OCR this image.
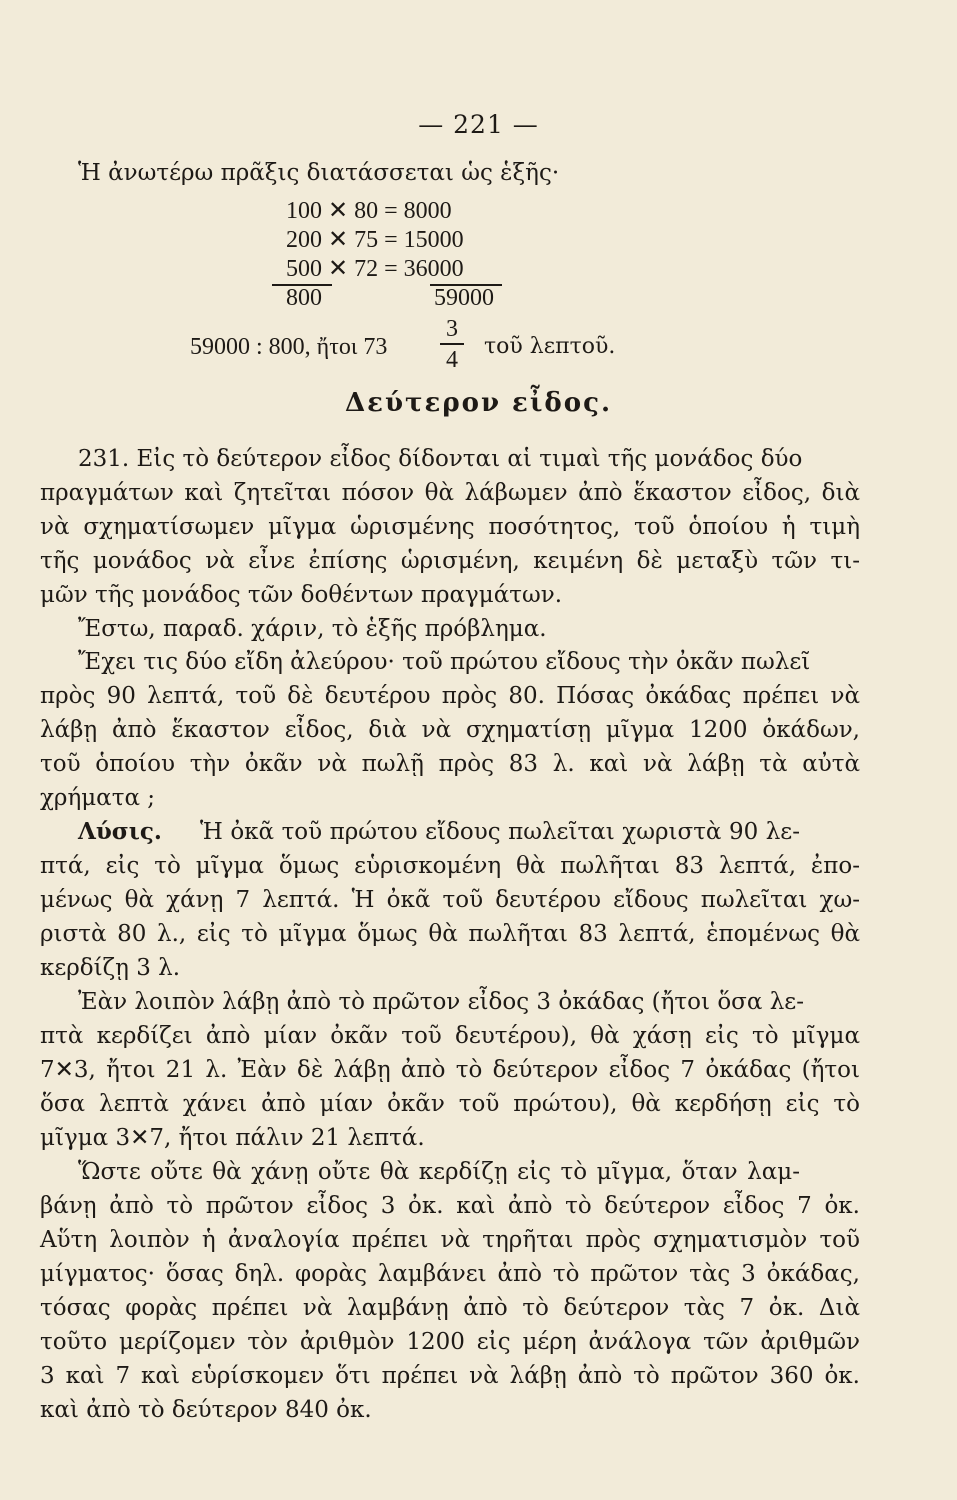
— 221 —
Ἡ ἀνωτέρω πρᾶξις διατάσσεται ὡς ἑξῆς·
100 ✕ 80 = 8000
200 ✕ 75 = 15000
500 ✕ 72 = 36000
800	59000
59000 : 800, ἤτοι 73
3
4
τοῦ λεπτοῦ.
Δεύτερον εἶδος.
231. Εἰς τὸ δεύτερον εἶδος δίδονται αἱ τιμαὶ τῆς μονάδος δύο
πραγμάτων καὶ ζητεῖται πόσον θὰ λάβωμεν ἀπὸ ἕκαστον εἶδος, διὰ
νὰ σχηματίσωμεν μῖγμα ὡρισμένης ποσότητος, τοῦ ὁποίου ἡ τιμὴ
τῆς μονάδος νὰ εἶνε ἐπίσης ὡρισμένη, κειμένη δὲ μεταξὺ τῶν τι-
μῶν τῆς μονάδος τῶν δοθέντων πραγμάτων.
Ἔστω, παραδ. χάριν, τὸ ἑξῆς πρόβλημα.
Ἔχει τις δύο εἴδη ἀλεύρου· τοῦ πρώτου εἴδους τὴν ὀκᾶν πωλεῖ
πρὸς 90 λεπτά, τοῦ δὲ δευτέρου πρὸς 80. Πόσας ὀκάδας πρέπει νὰ
λάβῃ ἀπὸ ἕκαστον εἶδος, διὰ νὰ σχηματίσῃ μῖγμα 1200 ὀκάδων,
τοῦ ὁποίου τὴν ὀκᾶν νὰ πωλῇ πρὸς 83 λ. καὶ νὰ λάβῃ τὰ αὐτὰ
χρήματα ;
Λύσις.	Ἡ ὀκᾶ τοῦ πρώτου εἴδους πωλεῖται χωριστὰ 90 λε-
πτά, εἰς τὸ μῖγμα ὅμως εὑρισκομένη θὰ πωλῆται 83 λεπτά, ἐπο-
μένως θὰ χάνῃ 7 λεπτά. Ἡ ὀκᾶ τοῦ δευτέρου εἴδους πωλεῖται χω-
ριστὰ 80 λ., εἰς τὸ μῖγμα ὅμως θὰ πωλῆται 83 λεπτά, ἑπομένως θὰ
κερδίζῃ 3 λ.
Ἐὰν λοιπὸν λάβῃ ἀπὸ τὸ πρῶτον εἶδος 3 ὀκάδας (ἤτοι ὅσα λε-
πτὰ κερδίζει ἀπὸ μίαν ὀκᾶν τοῦ δευτέρου), θὰ χάσῃ εἰς τὸ μῖγμα
7✕3, ἤτοι 21 λ. Ἐὰν δὲ λάβῃ ἀπὸ τὸ δεύτερον εἶδος 7 ὀκάδας (ἤτοι
ὅσα λεπτὰ χάνει ἀπὸ μίαν ὀκᾶν τοῦ πρώτου), θὰ κερδήσῃ εἰς τὸ
μῖγμα 3✕7, ἤτοι πάλιν 21 λεπτά.
Ὥστε οὔτε θὰ χάνῃ οὔτε θὰ κερδίζῃ εἰς τὸ μῖγμα, ὅταν λαμ-
βάνῃ ἀπὸ τὸ πρῶτον εἶδος 3 ὀκ. καὶ ἀπὸ τὸ δεύτερον εἶδος 7 ὀκ.
Αὕτη λοιπὸν ἡ ἀναλογία πρέπει νὰ τηρῆται πρὸς σχηματισμὸν τοῦ
μίγματος· ὅσας δηλ. φορὰς λαμβάνει ἀπὸ τὸ πρῶτον τὰς 3 ὀκάδας,
τόσας φορὰς πρέπει νὰ λαμβάνῃ ἀπὸ τὸ δεύτερον τὰς 7 ὀκ. Διὰ
τοῦτο μερίζομεν τὸν ἀριθμὸν 1200 εἰς μέρη ἀνάλογα τῶν ἀριθμῶν
3 καὶ 7 καὶ εὑρίσκομεν ὅτι πρέπει νὰ λάβῃ ἀπὸ τὸ πρῶτον 360 ὀκ.
καὶ ἀπὸ τὸ δεύτερον 840 ὀκ.
